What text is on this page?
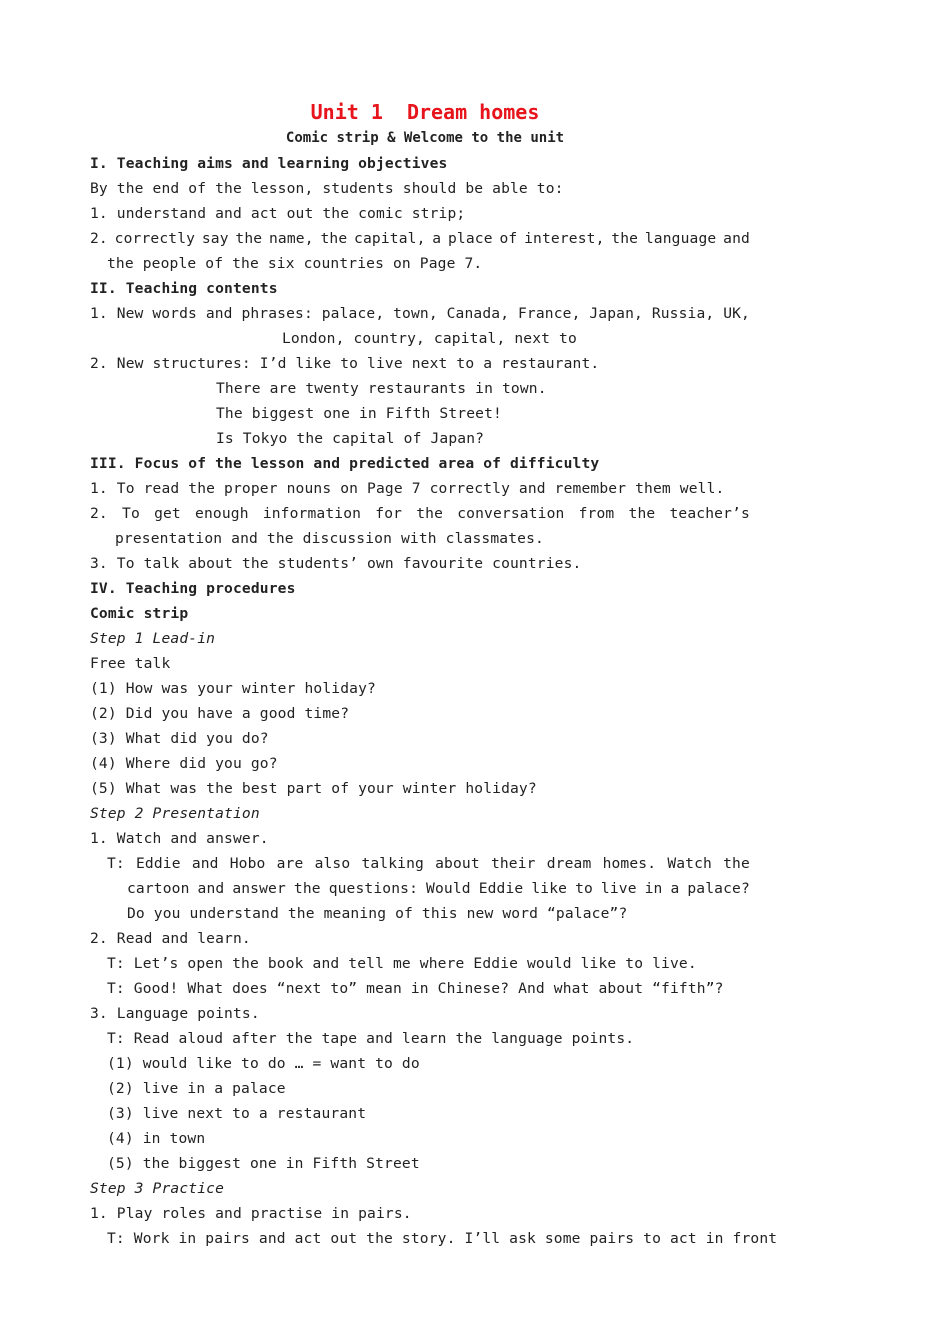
Unit 1  Dream homes
Comic strip & Welcome to the unit
I. Teaching aims and learning objectives
By the end of the lesson, students should be able to:
1. understand and act out the comic strip;
2. correctly say the name, the capital, a place of interest, the language and
the people of the six countries on Page 7.
II. Teaching contents
1. New words and phrases: palace, town, Canada, France, Japan, Russia, UK,
London, country, capital, next to
2. New structures: I’d like to live next to a restaurant.
There are twenty restaurants in town.
The biggest one in Fifth Street!
Is Tokyo the capital of Japan?
III. Focus of the lesson and predicted area of difficulty
1. To read the proper nouns on Page 7 correctly and remember them well.
2. To get enough information for the conversation from the teacher’s
presentation and the discussion with classmates.
3. To talk about the students’ own favourite countries.
IV. Teaching procedures
Comic strip
Step 1 Lead-in
Free talk
(1) How was your winter holiday?
(2) Did you have a good time?
(3) What did you do?
(4) Where did you go?
(5) What was the best part of your winter holiday?
Step 2 Presentation
1. Watch and answer.
T: Eddie and Hobo are also talking about their dream homes. Watch the
cartoon and answer the questions: Would Eddie like to live in a palace?
Do you understand the meaning of this new word “palace”?
2. Read and learn.
T: Let’s open the book and tell me where Eddie would like to live.
T: Good! What does “next to” mean in Chinese? And what about “fifth”?
3. Language points.
T: Read aloud after the tape and learn the language points.
(1) would like to do … = want to do
(2) live in a palace
(3) live next to a restaurant
(4) in town
(5) the biggest one in Fifth Street
Step 3 Practice
1. Play roles and practise in pairs.
T: Work in pairs and act out the story. I’ll ask some pairs to act in front
